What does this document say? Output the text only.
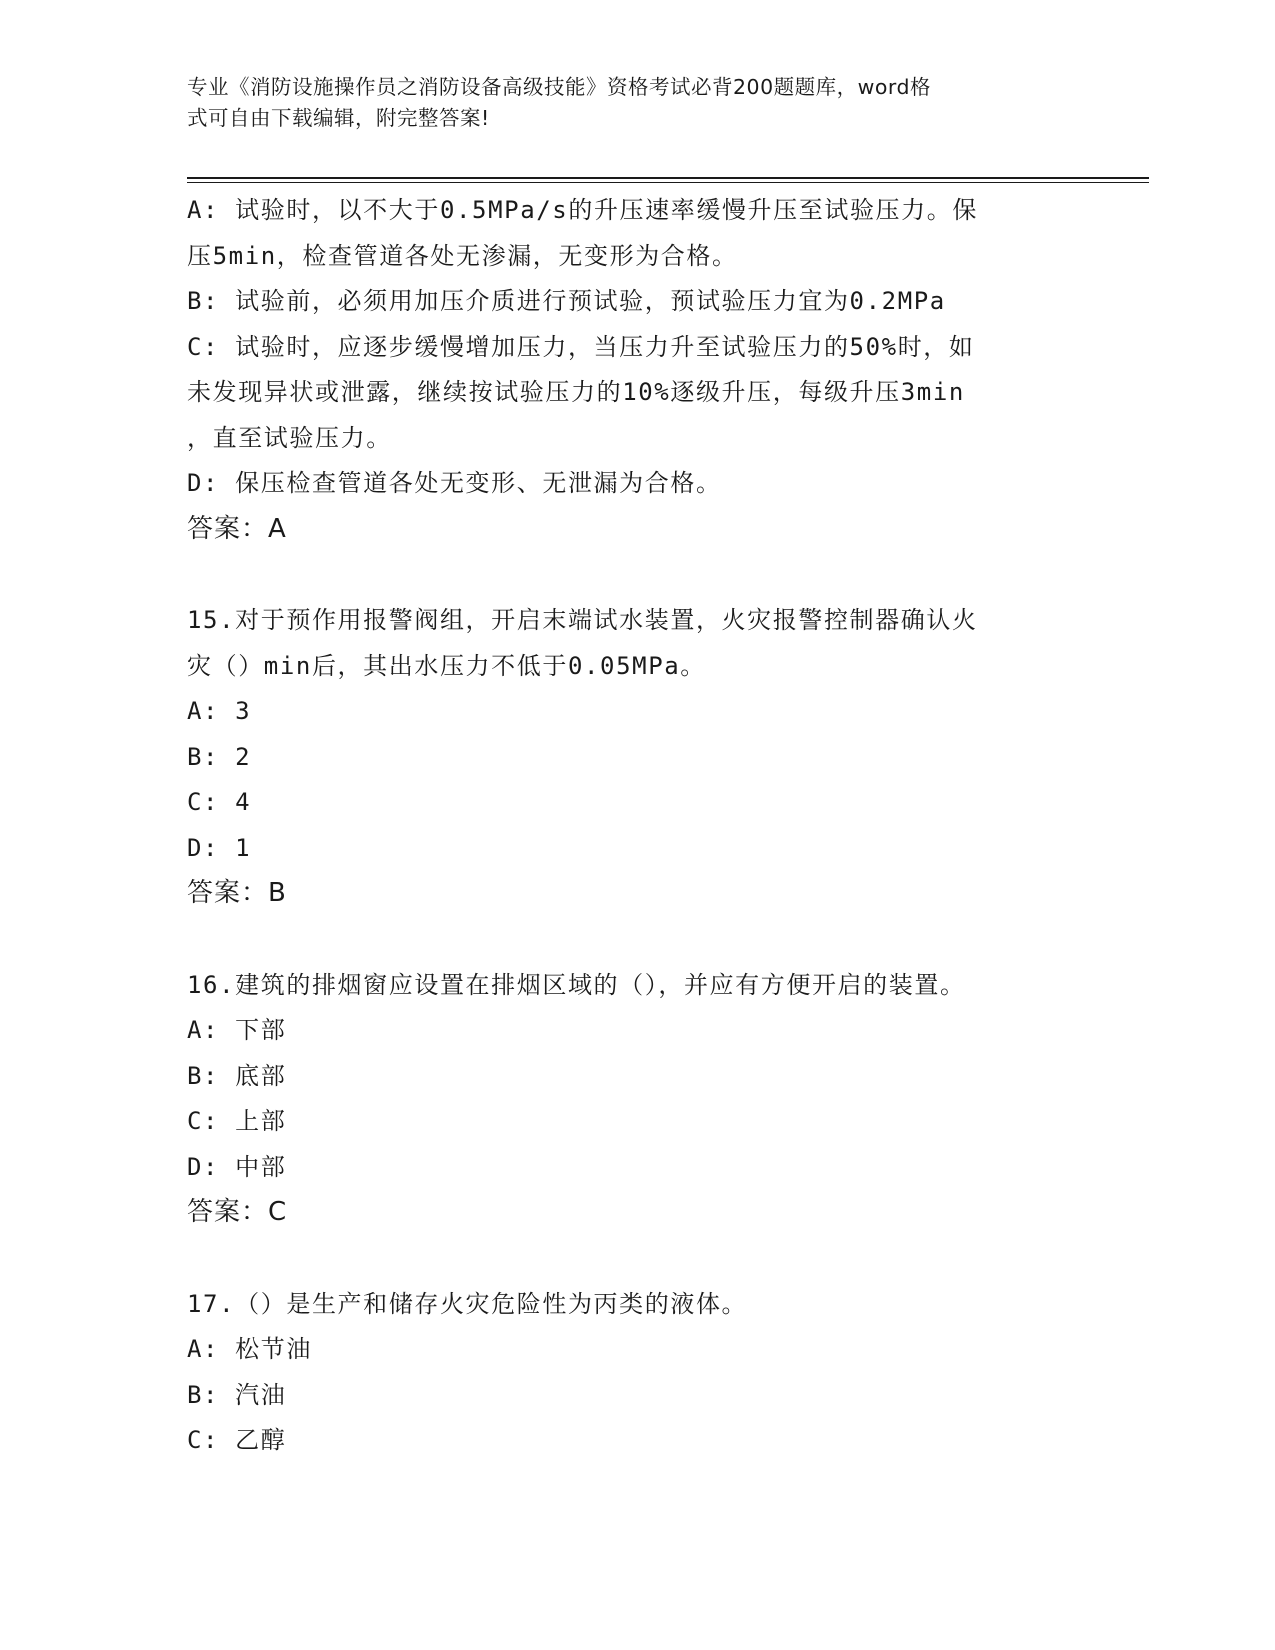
专业《消防设施操作员之消防设备高级技能》资格考试必背200题题库，word格
式可自由下载编辑，附完整答案!
A: 试验时，以不大于0.5MPa/s的升压速率缓慢升压至试验压力。保
压5min，检查管道各处无渗漏，无变形为合格。
B: 试验前，必须用加压介质进行预试验，预试验压力宜为0.2MPa
C: 试验时，应逐步缓慢增加压力，当压力升至试验压力的50%时，如
未发现异状或泄露，继续按试验压力的10%逐级升压，每级升压3min
，直至试验压力。
D: 保压检查管道各处无变形、无泄漏为合格。
答案：A
15.对于预作用报警阀组，开启末端试水装置，火灾报警控制器确认火
灾（）min后，其出水压力不低于0.05MPa。
A: 3
B: 2
C: 4
D: 1
答案：B
16.建筑的排烟窗应设置在排烟区域的（），并应有方便开启的装置。
A: 下部
B: 底部
C: 上部
D: 中部
答案：C
17.（）是生产和储存火灾危险性为丙类的液体。
A: 松节油
B: 汽油
C: 乙醇
